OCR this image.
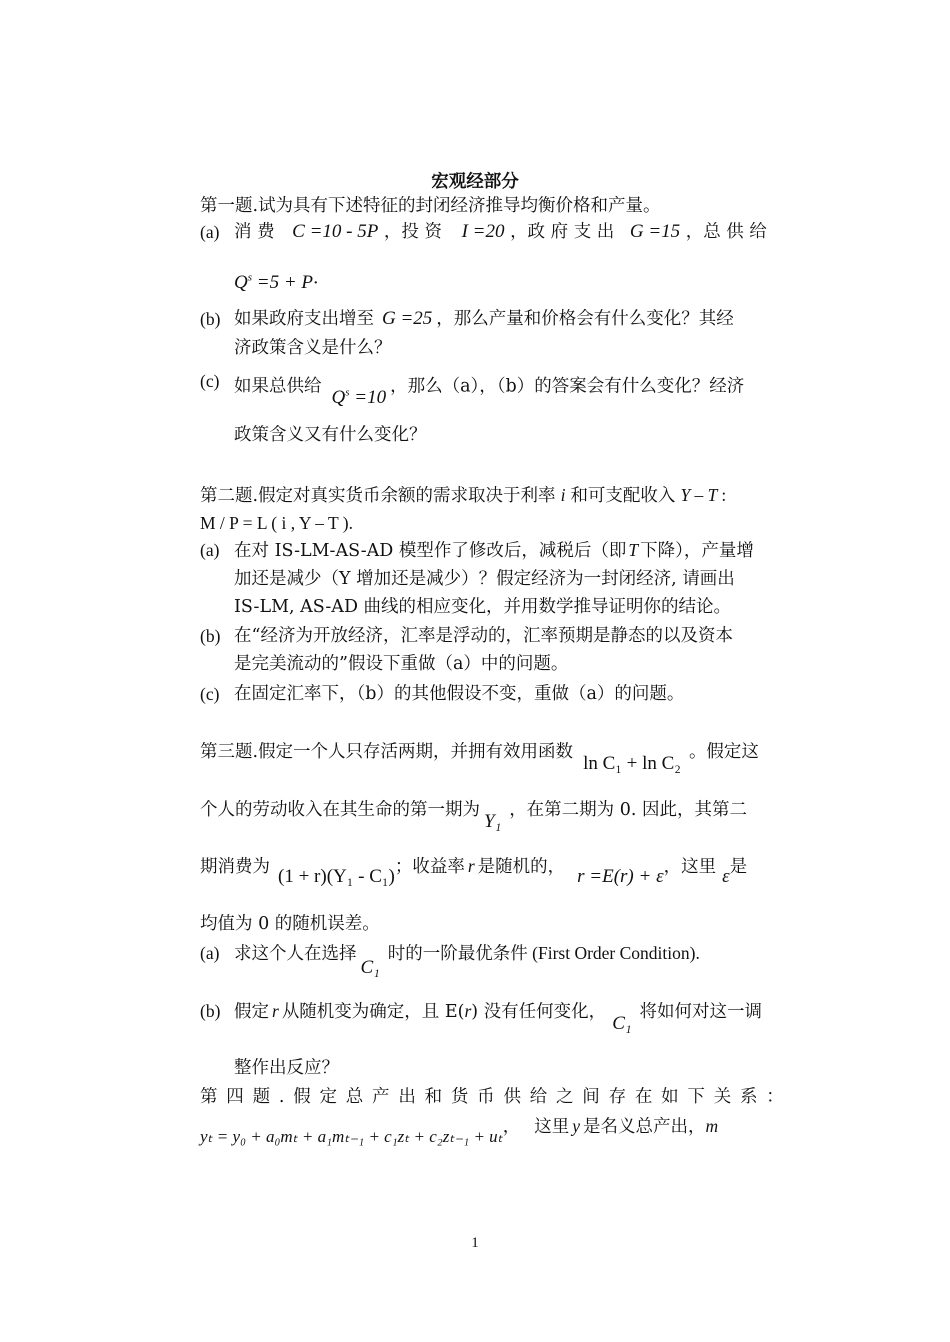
宏观经部分
第一题.试为具有下述特征的封闭经济推导均衡价格和产量。
(a) 消 费 C =10 - 5P ，投 资 I =20 ，政 府 支 出 G =15 ，总 供 给
$Q^s =5 + P\cdot$
(b) 如果政府支出增至 G =25 ，那么产量和价格会有什么变化？其经
济政策含义是什么？
(c) 如果总供给$Q^s =10$，那么（a），（b）的答案会有什么变化？经济
政策含义又有什么变化？
第二题.假定对真实货币余额的需求取决于利率 i 和可支配收入 Y – T :
M / P = L ( i , Y – T ).
(a) 在对 IS-LM-AS-AD 模型作了修改后，减税后（即 T 下降），产量增
加还是减少（Y 增加还是减少）？假定经济为一封闭经济, 请画出
IS-LM, AS-AD 曲线的相应变化，并用数学推导证明你的结论。
(b) 在“经济为开放经济，汇率是浮动的，汇率预期是静态的以及资本
是完美流动的”假设下重做（a）中的问题。
(c) 在固定汇率下，（b）的其他假设不变，重做（a）的问题。
第三题.假定一个人只存活两期，并拥有效用函数ln C₁ + ln C₂。假定这
个人的劳动收入在其生命的第一期为Y₁，在第二期为 0. 因此，其第二
期消费为 (1 + r)(Y₁ - C₁)；收益率 r 是随机的， r =E(r) + ε，这里 ε是
均值为 0 的随机误差。
(a) 求这个人在选择C₁时的一阶最优条件 (First Order Condition).
(b) 假定 r 从随机变为确定，且 E(r) 没有任何变化，C₁将如何对这一调
整作出反应？
第 四 题 . 假 定 总 产 出 和 货 币 供 给 之 间 存 在 如 下 关 系 ：
yₜ = y₀ + a₀mₜ + a₁mₜ₋₁ + c₁zₜ + c₂zₜ₋₁ + uₜ， 这里 y 是名义总产出，m
1
